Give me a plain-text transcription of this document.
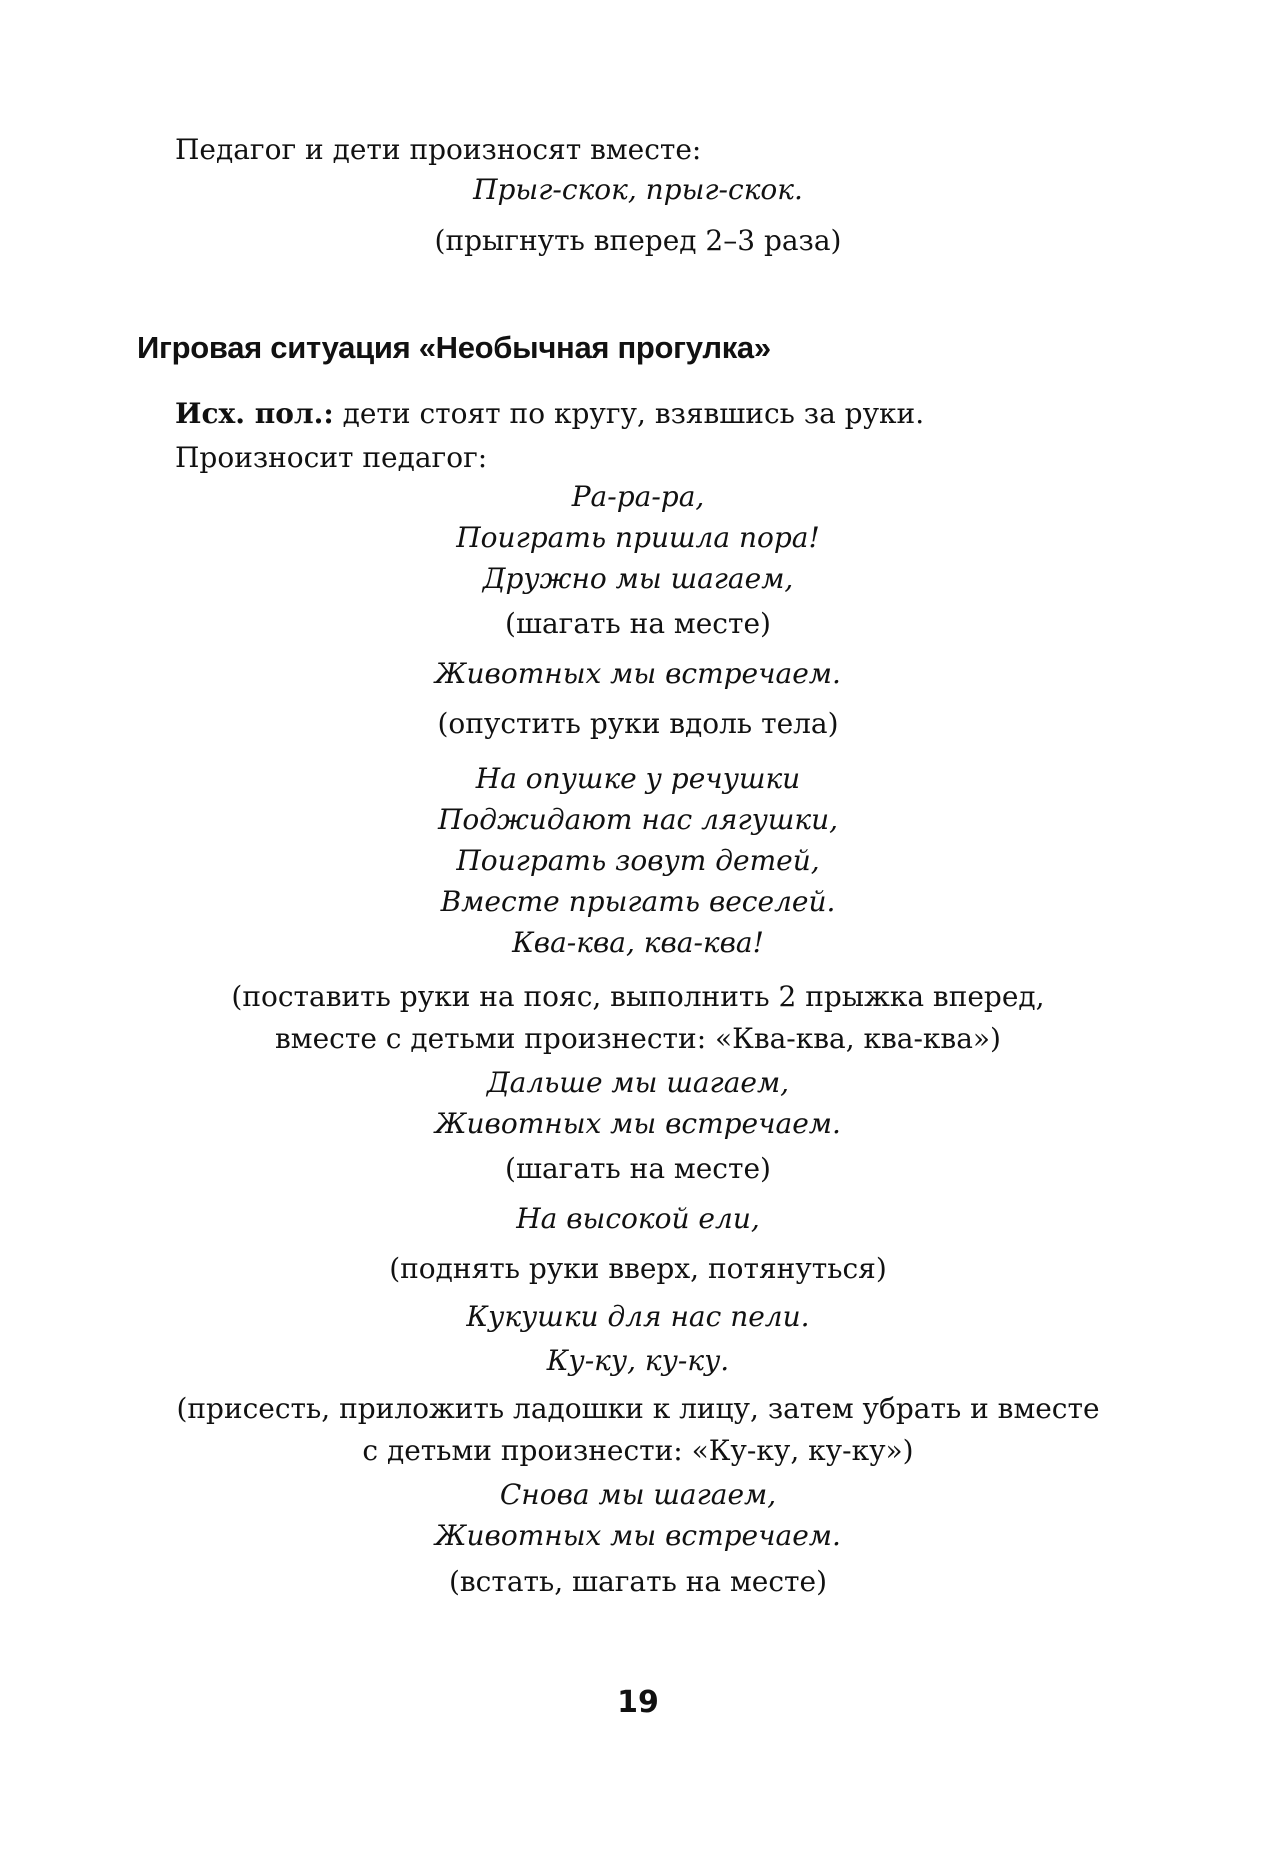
Педагог и дети произносят вместе:
Прыг-скок, прыг-скок.
(прыгнуть вперед 2–3 раза)
Игровая ситуация «Необычная прогулка»
Исх. пол.: дети стоят по кругу, взявшись за руки.
Произносит педагог:
Ра-ра-ра,
Поиграть пришла пора!
Дружно мы шагаем,
(шагать на месте)
Животных мы встречаем.
(опустить руки вдоль тела)
На опушке у речушки
Поджидают нас лягушки,
Поиграть зовут детей,
Вместе прыгать веселей.
Ква-ква, ква-ква!
(поставить руки на пояс, выполнить 2 прыжка вперед,
вместе с детьми произнести: «Ква-ква, ква-ква»)
Дальше мы шагаем,
Животных мы встречаем.
(шагать на месте)
На высокой ели,
(поднять руки вверх, потянуться)
Кукушки для нас пели.
Ку-ку, ку-ку.
(присесть, приложить ладошки к лицу, затем убрать и вместе
с детьми произнести: «Ку-ку, ку-ку»)
Снова мы шагаем,
Животных мы встречаем.
(встать, шагать на месте)
19
